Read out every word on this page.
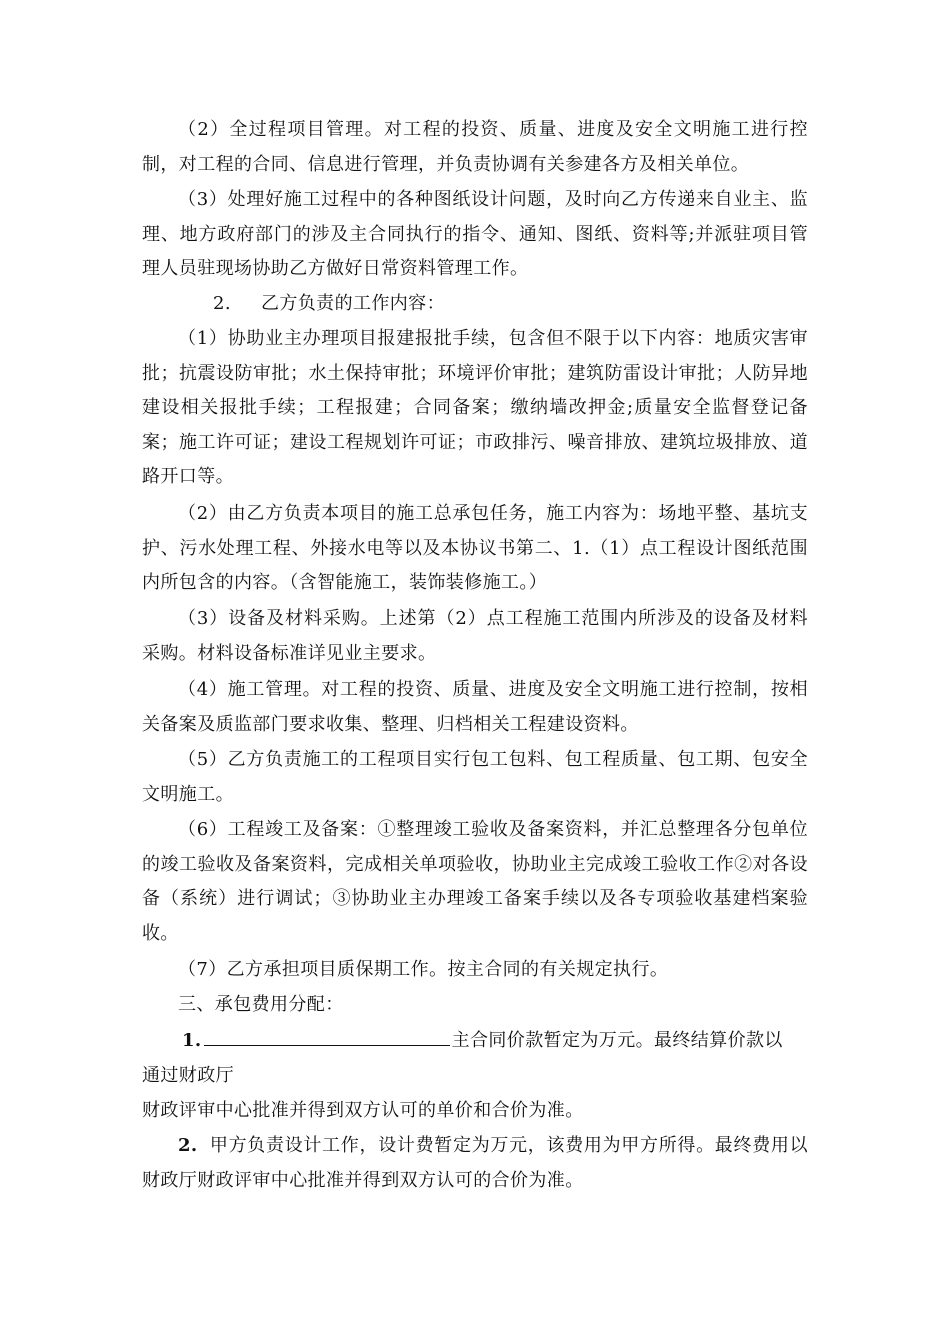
（2）全过程项目管理。对工程的投资、质量、进度及安全文明施工进行控制，对工程的合同、信息进行管理，并负责协调有关参建各方及相关单位。
（3）处理好施工过程中的各种图纸设计问题，及时向乙方传递来自业主、监理、地方政府部门的涉及主合同执行的指令、通知、图纸、资料等;并派驻项目管理人员驻现场协助乙方做好日常资料管理工作。
2. 乙方负责的工作内容：
（1）协助业主办理项目报建报批手续，包含但不限于以下内容：地质灾害审批；抗震设防审批；水土保持审批；环境评价审批；建筑防雷设计审批；人防异地建设相关报批手续；工程报建；合同备案；缴纳墙改押金;质量安全监督登记备案；施工许可证；建设工程规划许可证；市政排污、噪音排放、建筑垃圾排放、道路开口等。
（2）由乙方负责本项目的施工总承包任务，施工内容为：场地平整、基坑支护、污水处理工程、外接水电等以及本协议书第二、1.（1）点工程设计图纸范围内所包含的内容。（含智能施工，装饰装修施工。）
（3）设备及材料采购。上述第（2）点工程施工范围内所涉及的设备及材料采购。材料设备标准详见业主要求。
（4）施工管理。对工程的投资、质量、进度及安全文明施工进行控制，按相关备案及质监部门要求收集、整理、归档相关工程建设资料。
（5）乙方负责施工的工程项目实行包工包料、包工程质量、包工期、包安全文明施工。
（6）工程竣工及备案：①整理竣工验收及备案资料，并汇总整理各分包单位的竣工验收及备案资料，完成相关单项验收，协助业主完成竣工验收工作②对各设备（系统）进行调试；③协助业主办理竣工备案手续以及各专项验收基建档案验收。
（7）乙方承担项目质保期工作。按主合同的有关规定执行。
三、承包费用分配：
1.	主合同价款暂定为万元。最终结算价款以
通过财政厅
财政评审中心批准并得到双方认可的单价和合价为准。
2. 甲方负责设计工作，设计费暂定为万元，该费用为甲方所得。最终费用以财政厅财政评审中心批准并得到双方认可的合价为准。
